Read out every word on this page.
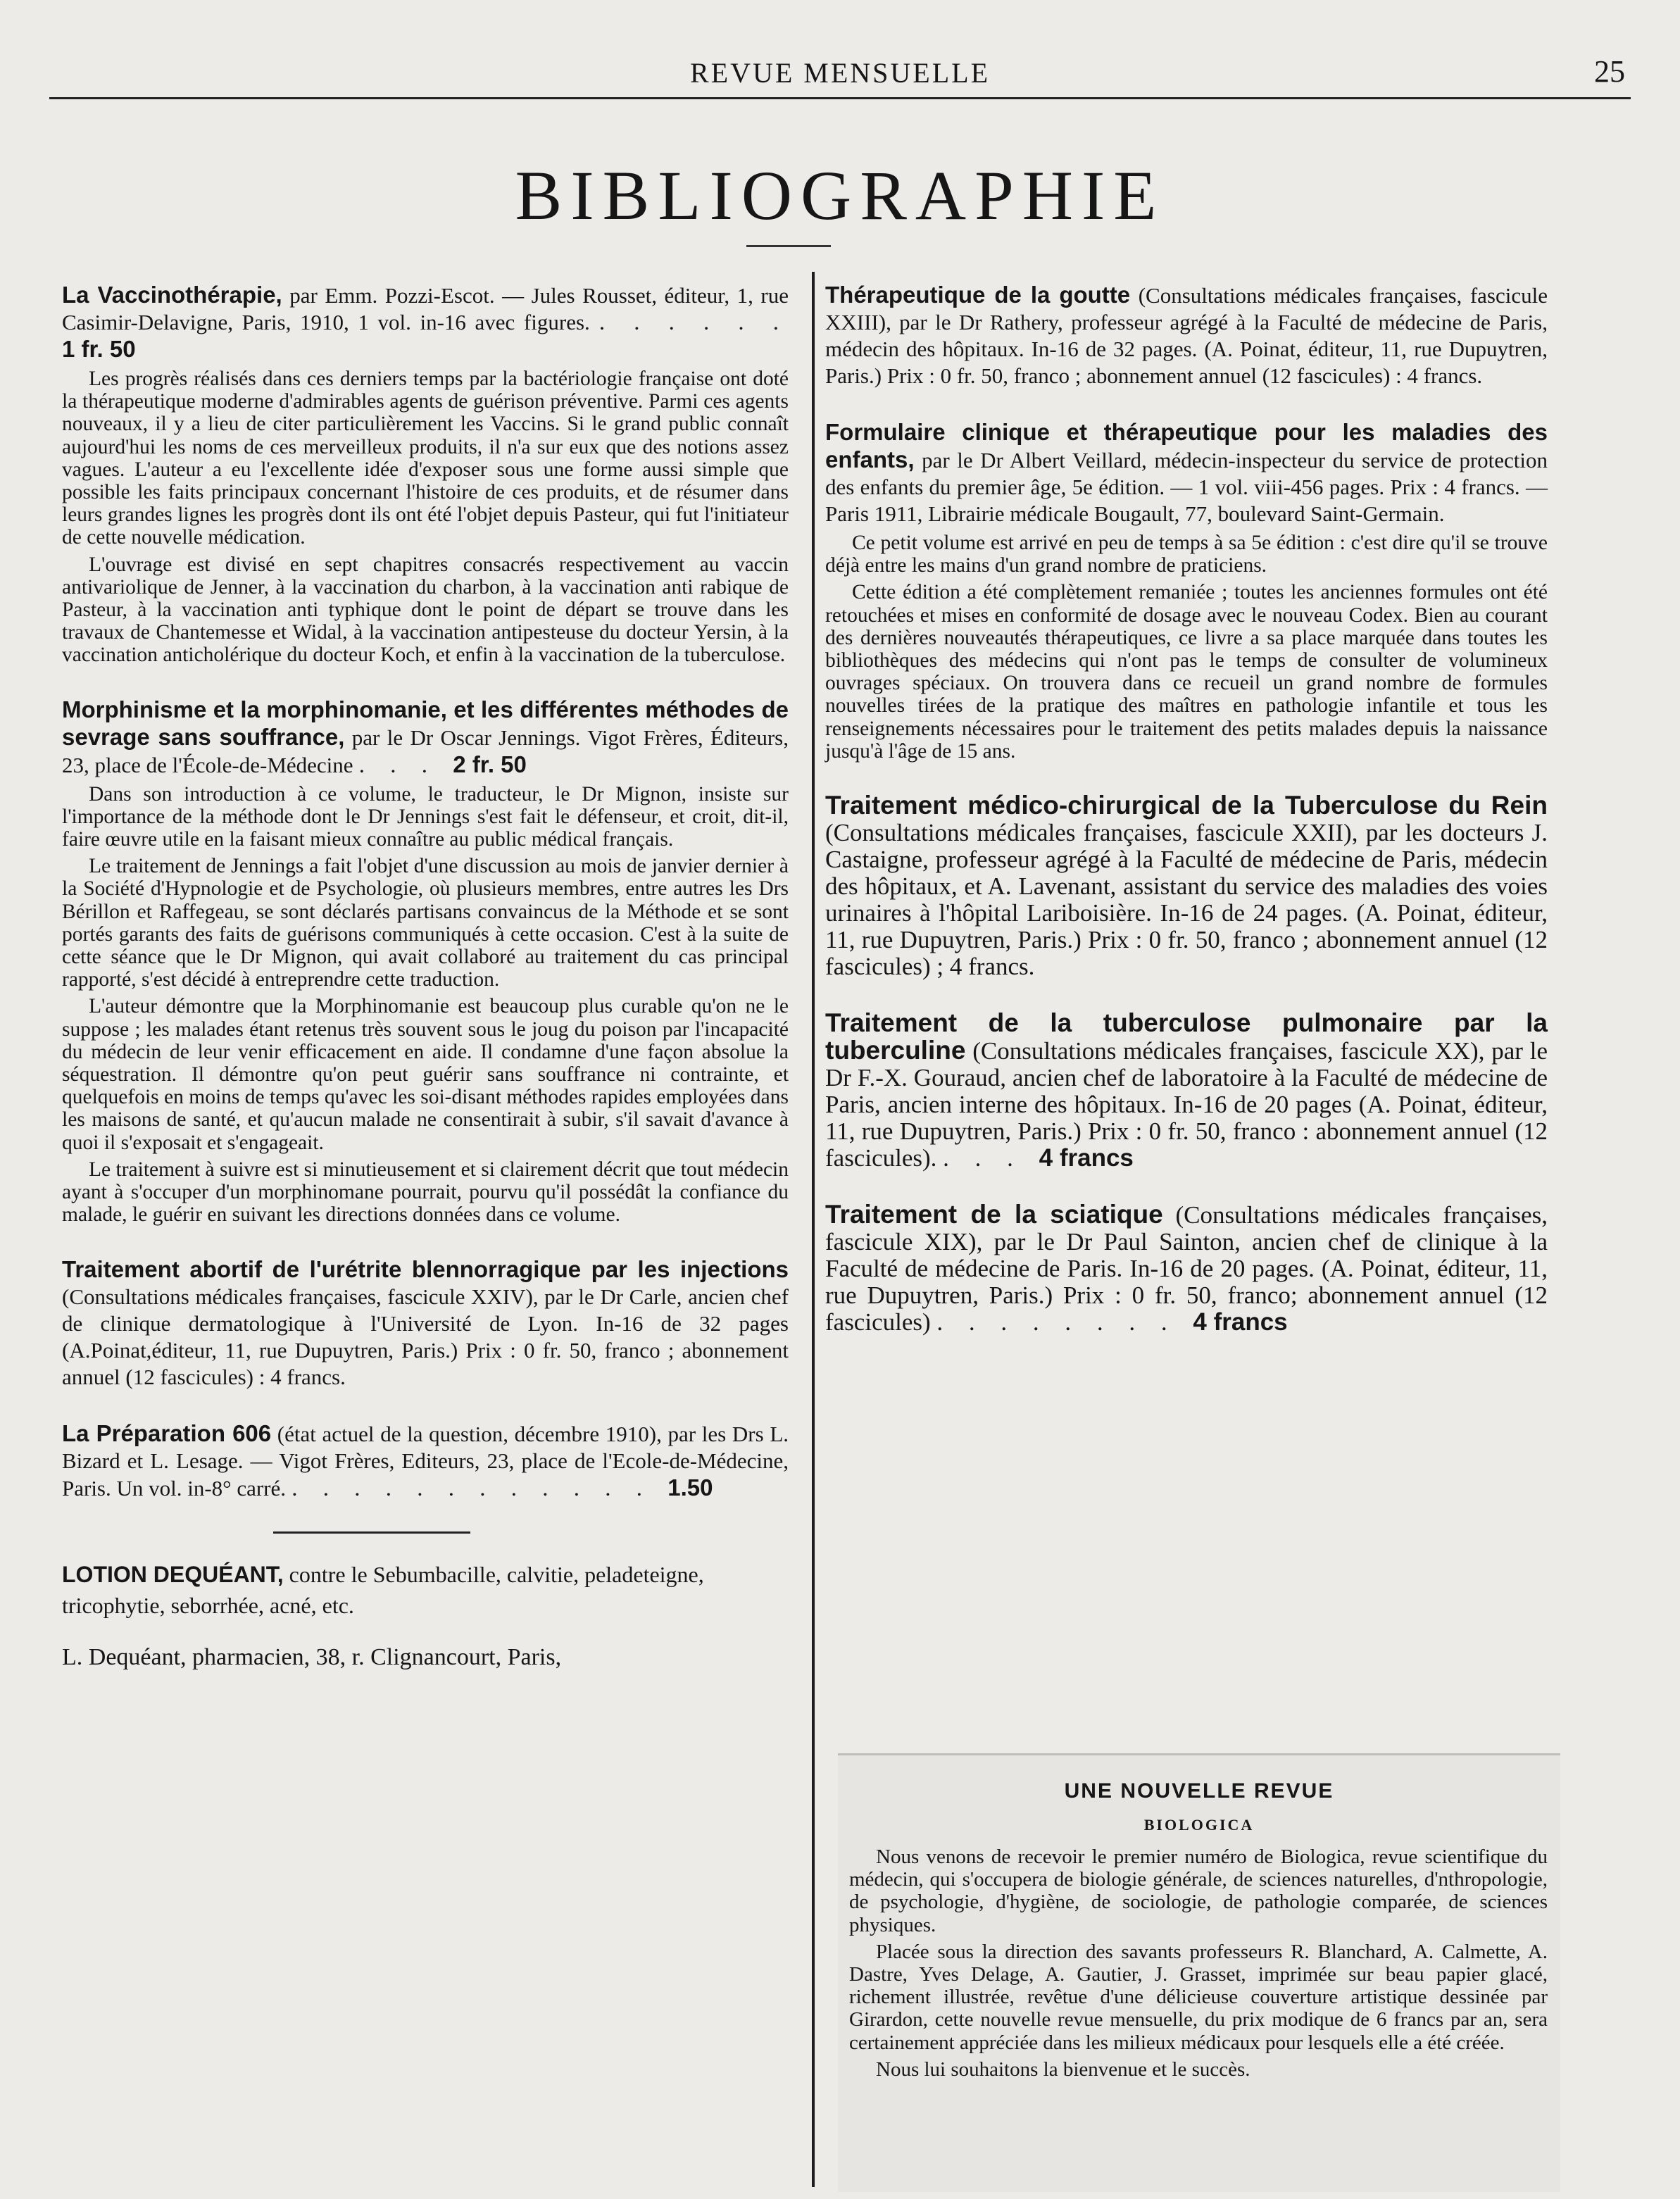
REVUE MENSUELLE	25
BIBLIOGRAPHIE
La Vaccinothérapie, par Emm. Pozzi-Escot. — Jules Rousset, éditeur, 1, rue Casimir-Delavigne, Paris, 1910, 1 vol. in-16 avec figures. . . . . . . 1 fr. 50

Les progrès réalisés dans ces derniers temps par la bactériologie française ont doté la thérapeutique moderne d'admirables agents de guérison préventive. Parmi ces agents nouveaux, il y a lieu de citer particulièrement les Vaccins. Si le grand public connaît aujourd'hui les noms de ces merveilleux produits, il n'a sur eux que des notions assez vagues. L'auteur a eu l'excellente idée d'exposer sous une forme aussi simple que possible les faits principaux concernant l'histoire de ces produits, et de résumer dans leurs grandes lignes les progrès dont ils ont été l'objet depuis Pasteur, qui fut l'initiateur de cette nouvelle médication.

L'ouvrage est divisé en sept chapitres consacrés respectivement au vaccin antivariolique de Jenner, à la vaccination du charbon, à la vaccination anti rabique de Pasteur, à la vaccination anti typhique dont le point de départ se trouve dans les travaux de Chantemesse et Widal, à la vaccination antipesteuse du docteur Yersin, à la vaccination anticholérique du docteur Koch, et enfin à la vaccination de la tuberculose.

Morphinisme et la morphinomanie, et les différentes méthodes de sevrage sans souffrance, par le Dr Oscar Jennings. Vigot Frères, Éditeurs, 23, place de l'École-de-Médecine . . . 2 fr. 50

Dans son introduction à ce volume, le traducteur, le Dr Mignon, insiste sur l'importance de la méthode dont le Dr Jennings s'est fait le défenseur, et croit, dit-il, faire œuvre utile en la faisant mieux connaître au public médical français.

Le traitement de Jennings a fait l'objet d'une discussion au mois de janvier dernier à la Société d'Hypnologie et de Psychologie, où plusieurs membres, entre autres les Drs Bérillon et Raffegeau, se sont déclarés partisans convaincus de la Méthode et se sont portés garants des faits de guérisons communiqués à cette occasion. C'est à la suite de cette séance que le Dr Mignon, qui avait collaboré au traitement du cas principal rapporté, s'est décidé à entreprendre cette traduction.

L'auteur démontre que la Morphinomanie est beaucoup plus curable qu'on ne le suppose ; les malades étant retenus très souvent sous le joug du poison par l'incapacité du médecin de leur venir efficacement en aide. Il condamne d'une façon absolue la séquestration. Il démontre qu'on peut guérir sans souffrance ni contrainte, et quelquefois en moins de temps qu'avec les soi-disant méthodes rapides employées dans les maisons de santé, et qu'aucun malade ne consentirait à subir, s'il savait d'avance à quoi il s'exposait et s'engageait.

Le traitement à suivre est si minutieusement et si clairement décrit que tout médecin ayant à s'occuper d'un morphinomane pourrait, pourvu qu'il possédât la confiance du malade, le guérir en suivant les directions données dans ce volume.

Traitement abortif de l'urétrite blennorragique par les injections (Consultations médicales françaises, fascicule XXIV), par le Dr Carle, ancien chef de clinique dermatologique à l'Université de Lyon. In-16 de 32 pages (A.Poinat,éditeur, 11, rue Dupuytren, Paris.) Prix : 0 fr. 50, franco ; abonnement annuel (12 fascicules) : 4 francs.
La Préparation 606 (état actuel de la question, décembre 1910), par les Drs L. Bizard et L. Lesage. — Vigot Frères, Editeurs, 23, place de l'Ecole-de-Médecine, Paris. Un vol. in-8° carré. . . . . . . . . . . . . 1.50
LOTION DEQUÉANT, contre le Sebumbacille, calvitie, peladeteigne, tricophytie, seborrhée, acné, etc.
L. Dequéant, pharmacien, 38, r. Clignancourt, Paris,
Thérapeutique de la goutte (Consultations médicales françaises, fascicule XXIII), par le Dr Rathery, professeur agrégé à la Faculté de médecine de Paris, médecin des hôpitaux. In-16 de 32 pages. (A. Poinat, éditeur, 11, rue Dupuytren, Paris.) Prix : 0 fr. 50, franco ; abonnement annuel (12 fascicules) : 4 francs.
Formulaire clinique et thérapeutique pour les maladies des enfants, par le Dr Albert Veillard, médecin-inspecteur du service de protection des enfants du premier âge, 5e édition. — 1 vol. viii-456 pages. Prix : 4 francs. — Paris 1911, Librairie médicale Bougault, 77, boulevard Saint-Germain.

Ce petit volume est arrivé en peu de temps à sa 5e édition : c'est dire qu'il se trouve déjà entre les mains d'un grand nombre de praticiens.

Cette édition a été complètement remaniée ; toutes les anciennes formules ont été retouchées et mises en conformité de dosage avec le nouveau Codex. Bien au courant des dernières nouveautés thérapeutiques, ce livre a sa place marquée dans toutes les bibliothèques des médecins qui n'ont pas le temps de consulter de volumineux ouvrages spéciaux. On trouvera dans ce recueil un grand nombre de formules nouvelles tirées de la pratique des maîtres en pathologie infantile et tous les renseignements nécessaires pour le traitement des petits malades depuis la naissance jusqu'à l'âge de 15 ans.

Traitement médico-chirurgical de la Tuberculose du Rein (Consultations médicales françaises, fascicule XXII), par les docteurs J. Castaigne, professeur agrégé à la Faculté de médecine de Paris, médecin des hôpitaux, et A. Lavenant, assistant du service des maladies des voies urinaires à l'hôpital Lariboisière. In-16 de 24 pages. (A. Poinat, éditeur, 11, rue Dupuytren, Paris.) Prix : 0 fr. 50, franco ; abonnement annuel (12 fascicules) ; 4 francs.
Traitement de la tuberculose pulmonaire par la tuberculine (Consultations médicales françaises, fascicule XX), par le Dr F.-X. Gouraud, ancien chef de laboratoire à la Faculté de médecine de Paris, ancien interne des hôpitaux. In-16 de 20 pages (A. Poinat, éditeur, 11, rue Dupuytren, Paris.) Prix : 0 fr. 50, franco : abonnement annuel (12 fascicules). . . . 4 francs
Traitement de la sciatique (Consultations médicales françaises, fascicule XIX), par le Dr Paul Sainton, ancien chef de clinique à la Faculté de médecine de Paris. In-16 de 20 pages. (A. Poinat, éditeur, 11, rue Dupuytren, Paris.) Prix : 0 fr. 50, franco; abonnement annuel (12 fascicules) . . . . . . . . 4 francs
UNE NOUVELLE REVUE
BIOLOGICA

Nous venons de recevoir le premier numéro de Biologica, revue scientifique du médecin, qui s'occupera de biologie générale, de sciences naturelles, d'nthropologie, de psychologie, d'hygiène, de sociologie, de pathologie comparée, de sciences physiques.

Placée sous la direction des savants professeurs R. Blanchard, A. Calmette, A. Dastre, Yves Delage, A. Gautier, J. Grasset, imprimée sur beau papier glacé, richement illustrée, revêtue d'une délicieuse couverture artistique dessinée par Girardon, cette nouvelle revue mensuelle, du prix modique de 6 francs par an, sera certainement appréciée dans les milieux médicaux pour lesquels elle a été créée.

Nous lui souhaitons la bienvenue et le succès.
